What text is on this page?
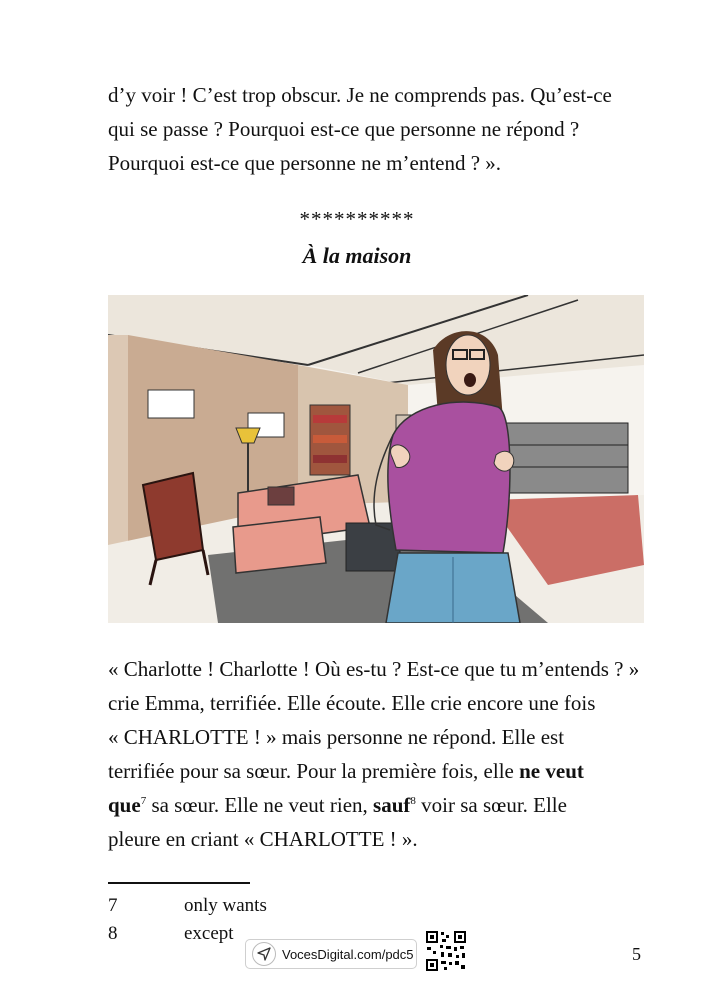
d’y voir ! C’est trop obscur. Je ne comprends pas. Qu’est-ce
qui se passe ? Pourquoi est-ce que personne ne répond ?
Pourquoi est-ce que personne ne m’entend ? ».
**********
À la maison
« Charlotte ! Charlotte ! Où es-tu ? Est-ce que tu m’entends ? »
crie Emma, terrifiée. Elle écoute. Elle crie encore une fois
« CHARLOTTE ! » mais personne ne répond. Elle est
terrifiée pour sa sœur. Pour la première fois, elle ne veut
que$^7$ sa sœur. Elle ne veut rien, sauf$^8$ voir sa sœur. Elle
pleure en criant « CHARLOTTE ! ».
7	only wants
8	except
VocesDigital.com/pdc5	5
